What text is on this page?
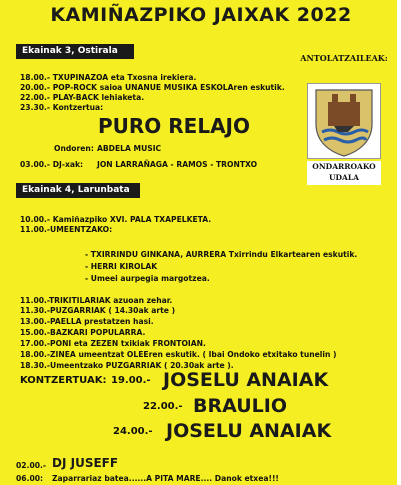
KAMIÑAZPIKO JAIXAK 2022
Ekainak 3, Ostirala
18.00.- TXUPINAZOA eta Txosna irekiera.
20.00.- POP-ROCK saioa UNANUE MUSIKA ESKOLAren eskutik.
22.00.- PLAY-BACK lehiaketa.
23.30.- Kontzertua:
PURO RELAJO
Ondoren: ABDELA MUSIC
03.00.- DJ-xak: JON LARRAÑAGA - RAMOS - TRONTXO
ANTOLATZAILEAK:
ONDARROAKO
UDALA
Ekainak 4, Larunbata
10.00.- Kamiñazpiko XVI. PALA TXAPELKETA.
11.00.-UMEENTZAKO:
- TXIRRINDU GINKANA, AURRERA Txirrindu Elkartearen eskutik.
- HERRI KIROLAK
- Umeei aurpegia margotzea.
11.00.-TRIKITILARIAK azuoan zehar.
11.30.-PUZGARRIAK ( 14.30ak arte )
13.00.-PAELLA prestatzen hasi.
15.00.-BAZKARI POPULARRA.
17.00.-PONI eta ZEZEN txikiak FRONTOIAN.
18.00.-ZINEA umeentzat OLEEren eskutik. ( Ibai Ondoko etxitako tunelin )
18.30.-Umeentzako PUZGARRIAK ( 20.30ak arte ).
KONTZERTUAK: 19.00.- JOSELU ANAIAK
22.00.- BRAULIO
24.00.- JOSELU ANAIAK
02.00.- DJ JUSEFF
06.00: Zaparrariaz batea......A PITA MARE.... Danok etxea!!!
